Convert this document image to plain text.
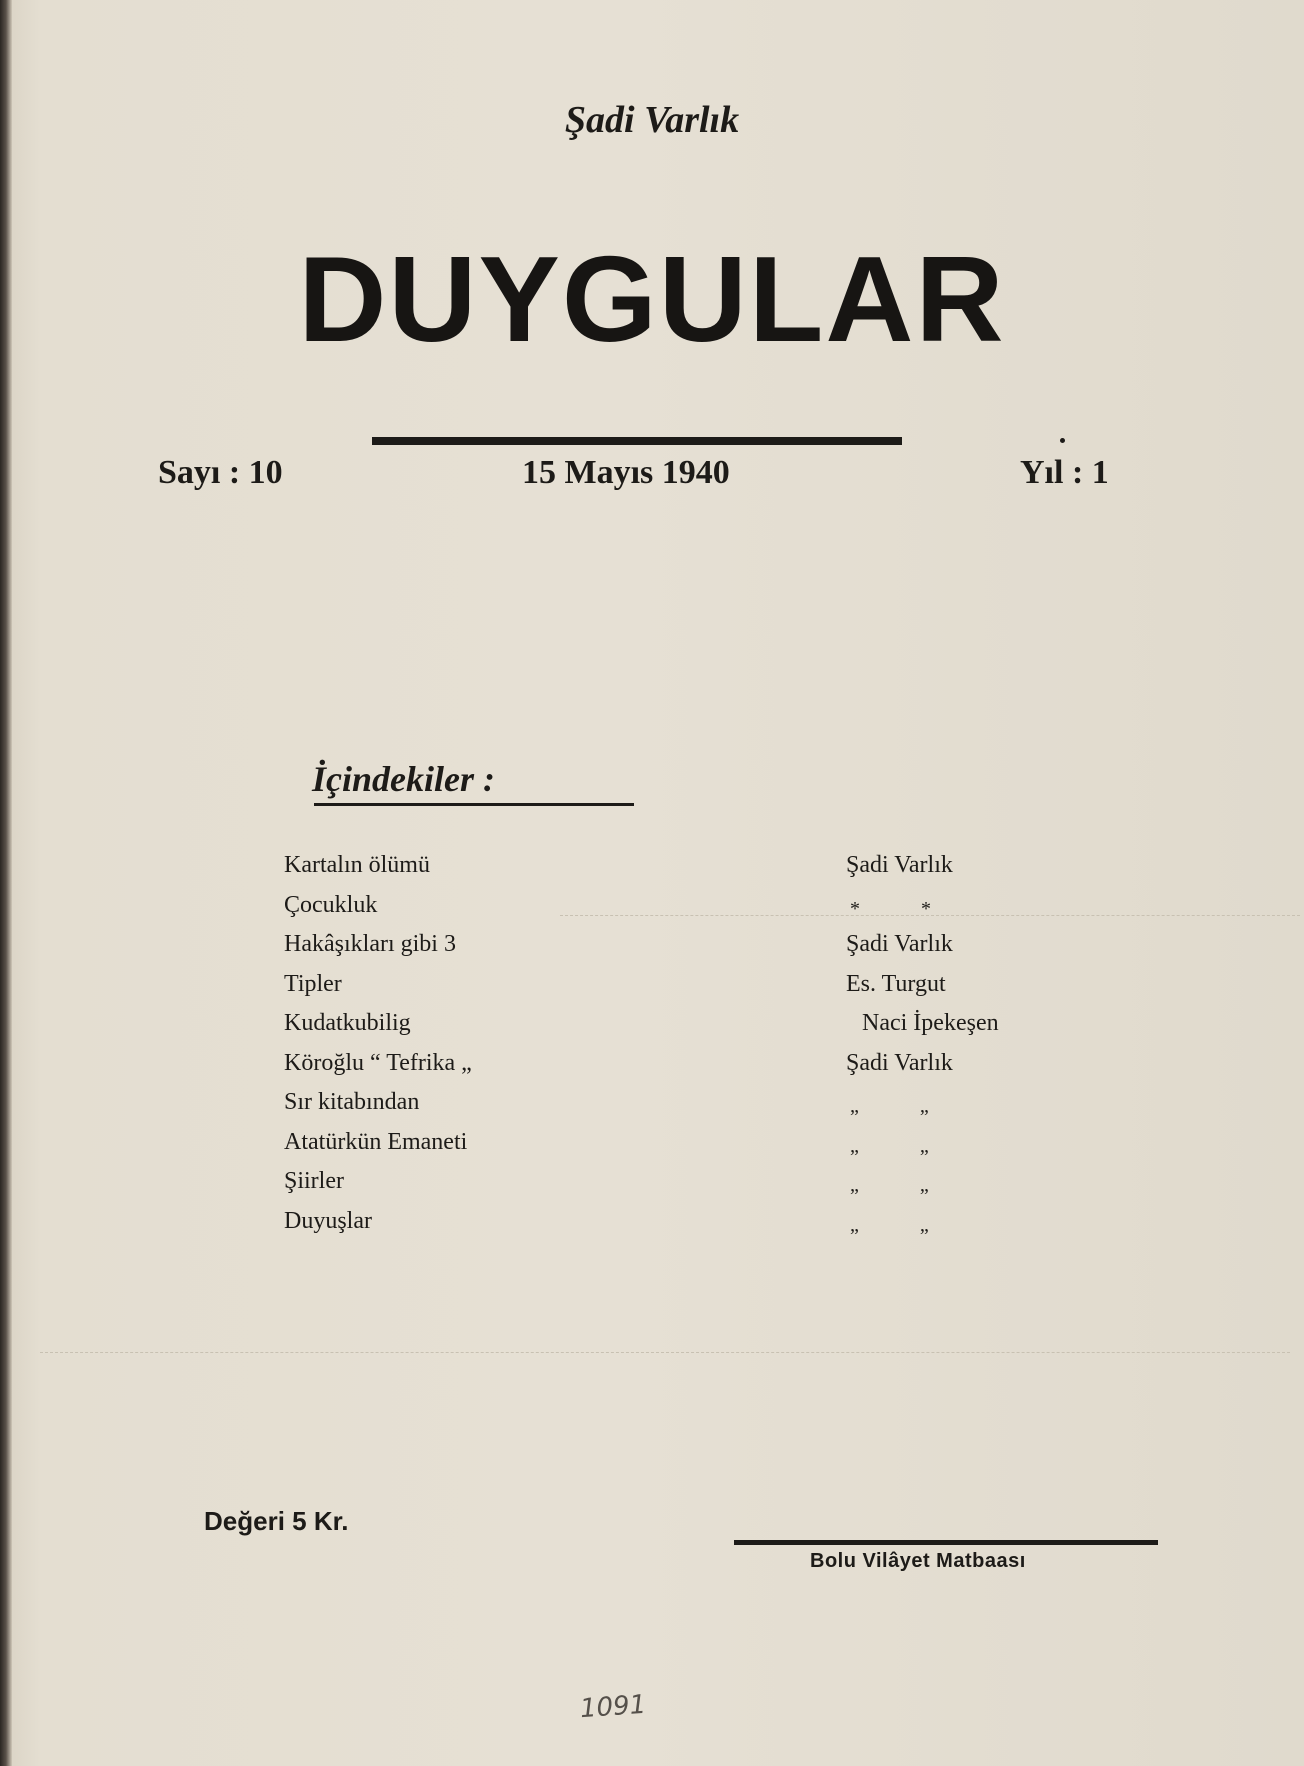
Şadi Varlık
DUYGULAR
Sayı : 10	15 Mayıs 1940	Yıl : 1
İçindekiler :
Kartalın ölümü	Şadi Varlık
Çocukluk	* *
Hakâşıkları gibi 3	Şadi Varlık
Tipler	Es. Turgut
Kudatkubilig	Naci İpekeşen
Köroğlu “ Tefrika „	Şadi Varlık
Sır kitabından	„ „
Atatürkün Emaneti	„ „
Şiirler	„ „
Duyuşlar	„ „
Değeri 5 Kr.
Bolu Vilâyet Matbaası
1091
